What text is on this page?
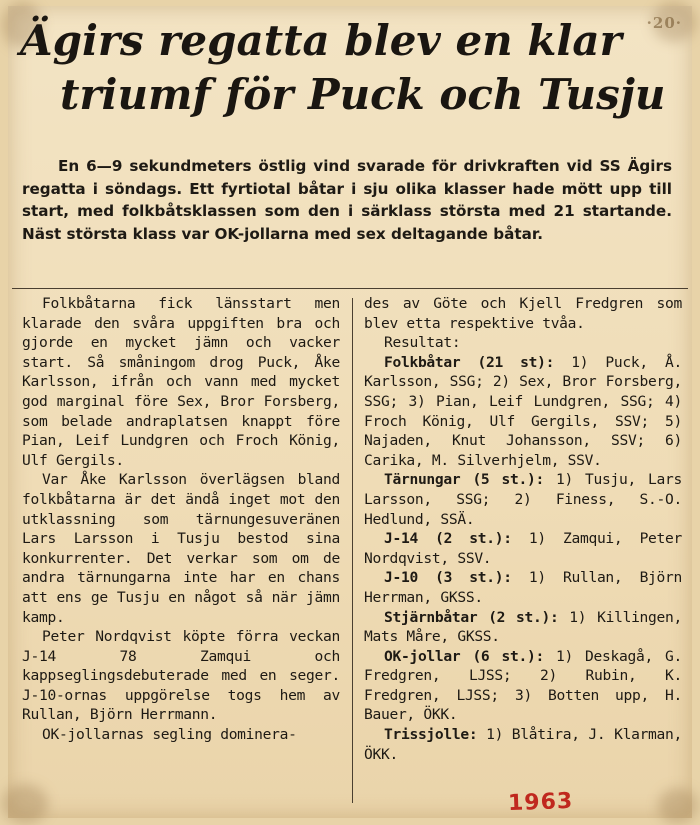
·20·
Ägirs regatta blev en klar
triumf för Puck och Tusju

En 6—9 sekundmeters östlig vind svarade för drivkraften vid SS Ägirs regatta i söndags. Ett fyrtiotal båtar i sju olika klasser hade mött upp till start, med folkbåtsklassen som den i särklass största med 21 startande. Näst största klass var OK-jollarna med sex deltagande båtar.

Folkbåtarna fick länsstart men klarade den svåra uppgiften bra och gjorde en mycket jämn och vacker start. Så småningom drog Puck, Åke Karlsson, ifrån och vann med mycket god marginal före Sex, Bror Forsberg, som belade andraplatsen knappt före Pian, Leif Lundgren och Froch König, Ulf Gergils.

Var Åke Karlsson överlägsen bland folkbåtarna är det ändå inget mot den utklassning som tärnungesuveränen Lars Larsson i Tusju bestod sina konkurrenter. Det verkar som om de andra tärnungarna inte har en chans att ens ge Tusju en något så när jämn kamp.

Peter Nordqvist köpte förra veckan J-14 78 Zamqui och kappseglingsdebuterade med en seger. J-10-ornas uppgörelse togs hem av Rullan, Björn Herrmann.

OK-jollarnas segling dominera-

des av Göte och Kjell Fredgren som blev etta respektive tvåa.

Resultat:

Folkbåtar (21 st): 1) Puck, Å. Karlsson, SSG; 2) Sex, Bror Forsberg, SSG; 3) Pian, Leif Lundgren, SSG; 4) Froch König, Ulf Gergils, SSV; 5) Najaden, Knut Johansson, SSV; 6) Carika, M. Silverhjelm, SSV.

Tärnungar (5 st.): 1) Tusju, Lars Larsson, SSG; 2) Finess, S.-O. Hedlund, SSÄ.

J-14 (2 st.): 1) Zamqui, Peter Nordqvist, SSV.

J-10 (3 st.): 1) Rullan, Björn Herrman, GKSS.

Stjärnbåtar (2 st.): 1) Killingen, Mats Måre, GKSS.

OK-jollar (6 st.): 1) Deskagå, G. Fredgren, LJSS; 2) Rubin, K. Fredgren, LJSS; 3) Botten upp, H. Bauer, ÖKK.

Trissjolle: 1) Blåtira, J. Klarman, ÖKK.

1963
